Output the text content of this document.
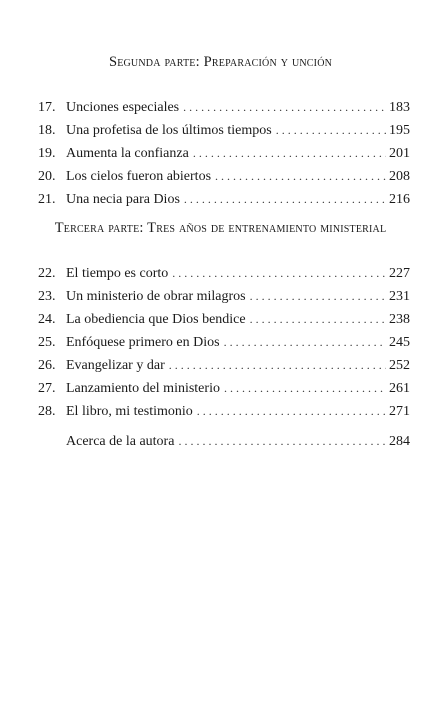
Segunda parte: Preparación y unción
17. Unciones especiales . . .	183
18. Una profetisa de los últimos tiempos . . .	195
19. Aumenta la confianza . . .	201
20. Los cielos fueron abiertos . . .	208
21. Una necia para Dios . . .	216
Tercera parte: Tres años de entrenamiento ministerial
22. El tiempo es corto . . .	227
23. Un ministerio de obrar milagros . . .	231
24. La obediencia que Dios bendice . . .	238
25. Enfóquese primero en Dios . . .	245
26. Evangelizar y dar . . .	252
27. Lanzamiento del ministerio . . .	261
28. El libro, mi testimonio . . .	271
Acerca de la autora . . .	284
